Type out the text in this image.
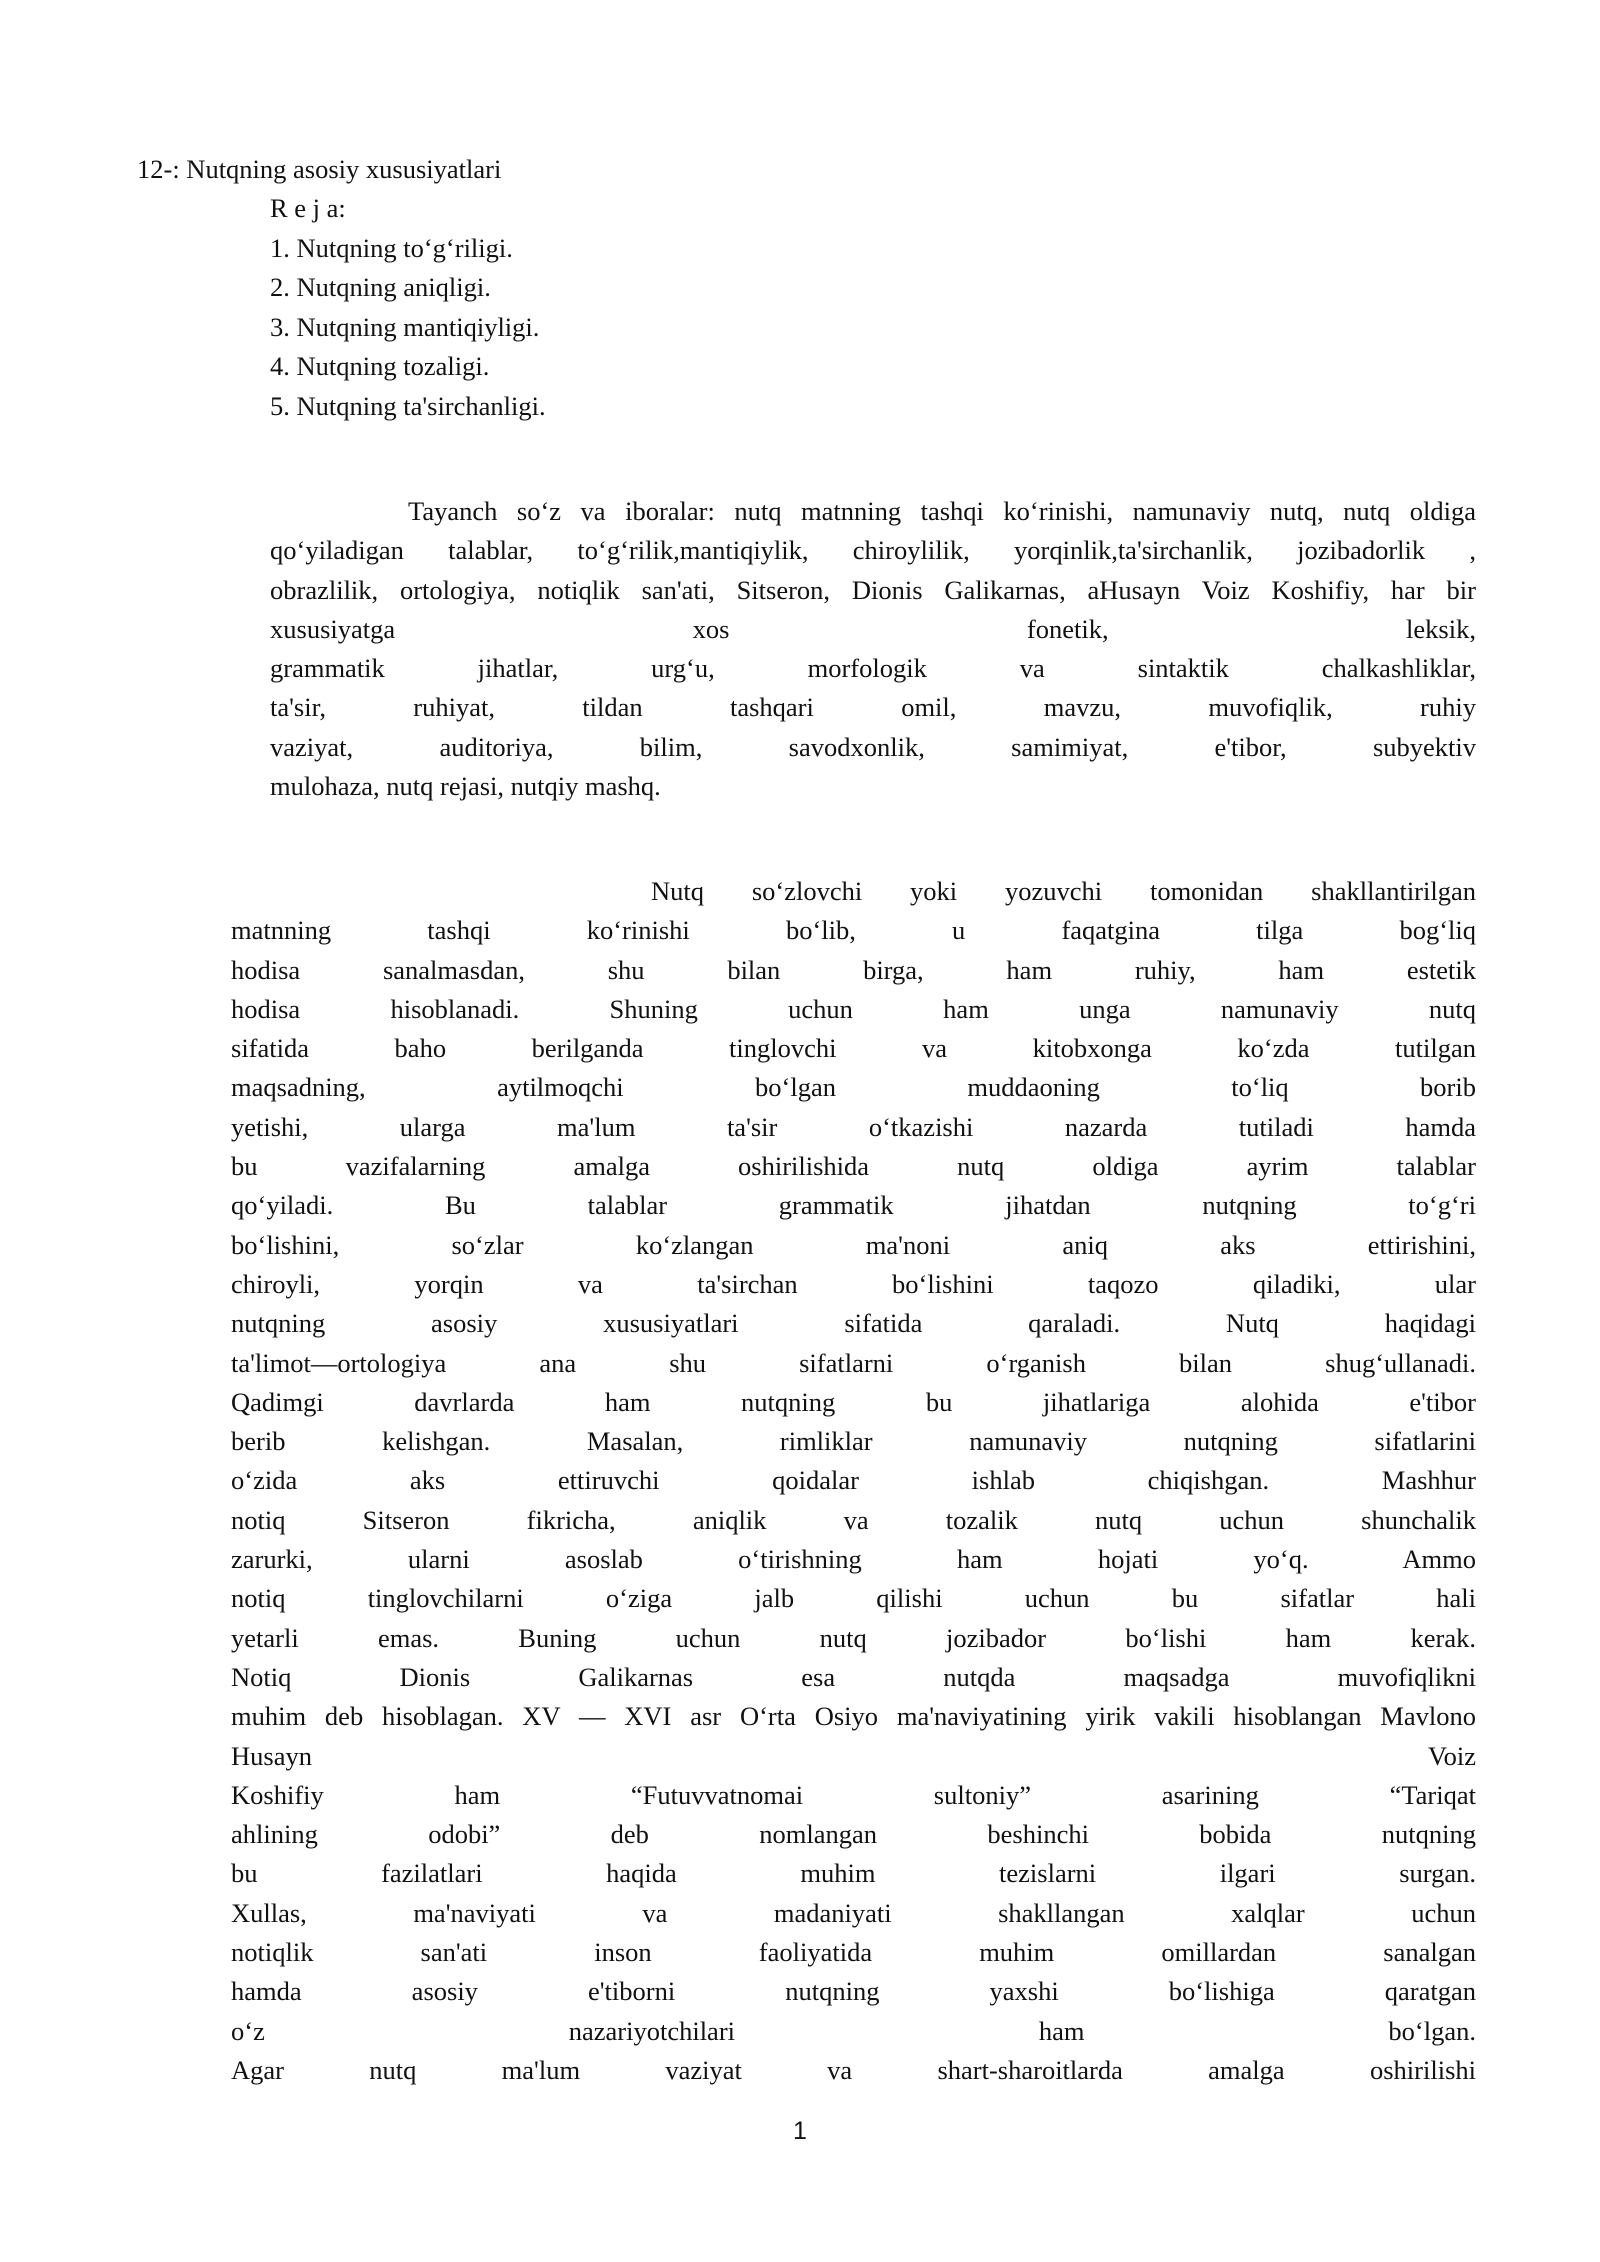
12-: Nutqning asosiy xususiyatlari
R e j a:
1. Nutqning to‘g‘riligi.
2. Nutqning aniqligi.
3. Nutqning mantiqiyligi.
4. Nutqning tozaligi.
5. Nutqning ta'sirchanligi.
Tayanch so‘z va iboralar: nutq matnning tashqi ko‘rinishi, namunaviy nutq, nutq oldiga
qo‘yiladigan talablar, to‘g‘rilik,mantiqiylik, chiroylilik, yorqinlik,ta'sirchanlik, jozibadorlik ,
obrazlilik, ortologiya, notiqlik san'ati, Sitseron, Dionis Galikarnas, aHusayn Voiz Koshifiy, har bir
xususiyatga xos fonetik, leksik,
grammatik jihatlar, urg‘u, morfologik va sintaktik chalkashliklar,
ta'sir, ruhiyat, tildan tashqari omil, mavzu, muvofiqlik, ruhiy
vaziyat, auditoriya, bilim, savodxonlik, samimiyat, e'tibor, subyektiv
mulohaza, nutq rejasi, nutqiy mashq.
Nutq so‘zlovchi yoki yozuvchi tomonidan shakllantirilgan
matnning tashqi ko‘rinishi bo‘lib, u faqatgina tilga bog‘liq
hodisa sanalmasdan, shu bilan birga, ham ruhiy, ham estetik
hodisa hisoblanadi. Shuning uchun ham unga namunaviy nutq
sifatida baho berilganda tinglovchi va kitobxonga ko‘zda tutilgan
maqsadning, aytilmoqchi bo‘lgan muddaoning to‘liq borib
yetishi, ularga ma'lum ta'sir o‘tkazishi nazarda tutiladi hamda
bu vazifalarning amalga oshirilishida nutq oldiga ayrim talablar
qo‘yiladi. Bu talablar grammatik jihatdan nutqning to‘g‘ri
bo‘lishini, so‘zlar ko‘zlangan ma'noni aniq aks ettirishini,
chiroyli, yorqin va ta'sirchan bo‘lishini taqozo qiladiki, ular
nutqning asosiy xususiyatlari sifatida qaraladi. Nutq haqidagi
ta'limot—ortologiya ana shu sifatlarni o‘rganish bilan shug‘ullanadi.
Qadimgi davrlarda ham nutqning bu jihatlariga alohida e'tibor
berib kelishgan. Masalan, rimliklar namunaviy nutqning sifatlarini
o‘zida aks ettiruvchi qoidalar ishlab chiqishgan. Mashhur
notiq Sitseron fikricha, aniqlik va tozalik nutq uchun shunchalik
zarurki, ularni asoslab o‘tirishning ham hojati yo‘q. Ammo
notiq tinglovchilarni o‘ziga jalb qilishi uchun bu sifatlar hali
yetarli emas. Buning uchun nutq jozibador bo‘lishi ham kerak.
Notiq Dionis Galikarnas esa nutqda maqsadga muvofiqlikni
muhim deb hisoblagan. XV — XVI asr O‘rta Osiyo ma'naviyatining yirik vakili hisoblangan Mavlono
Husayn Voiz
Koshifiy ham “Futuvvatnomai sultoniy” asarining “Tariqat
ahlining odobi” deb nomlangan beshinchi bobida nutqning
bu fazilatlari haqida muhim tezislarni ilgari surgan.
Xullas, ma'naviyati va madaniyati shakllangan xalqlar uchun
notiqlik san'ati inson faoliyatida muhim omillardan sanalgan
hamda asosiy e'tiborni nutqning yaxshi bo‘lishiga qaratgan
o‘z nazariyotchilari ham bo‘lgan.
Agar nutq ma'lum vaziyat va shart-sharoitlarda amalga oshirilishi
1
